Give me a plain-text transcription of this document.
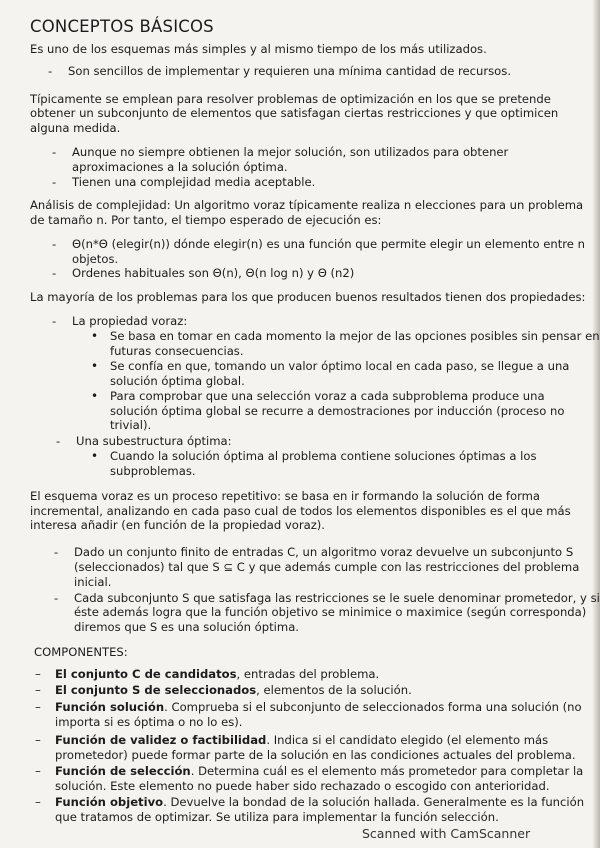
CONCEPTOS BÁSICOS
Es uno de los esquemas más simples y al mismo tiempo de los más utilizados.
- Son sencillos de implementar y requieren una mínima cantidad de recursos.
Típicamente se emplean para resolver problemas de optimización en los que se pretende
obtener un subconjunto de elementos que satisfagan ciertas restricciones y que optimicen
alguna medida.
- Aunque no siempre obtienen la mejor solución, son utilizados para obtener
aproximaciones a la solución óptima.
- Tienen una complejidad media aceptable.
Análisis de complejidad: Un algoritmo voraz típicamente realiza n elecciones para un problema
de tamaño n. Por tanto, el tiempo esperado de ejecución es:
- Θ(n*Θ (elegir(n)) dónde elegir(n) es una función que permite elegir un elemento entre n
objetos.
- Ordenes habituales son Θ(n), Θ(n log n) y Θ (n2)
La mayoría de los problemas para los que producen buenos resultados tienen dos propiedades:
- La propiedad voraz:
• Se basa en tomar en cada momento la mejor de las opciones posibles sin pensar en
futuras consecuencias.
• Se confía en que, tomando un valor óptimo local en cada paso, se llegue a una
solución óptima global.
• Para comprobar que una selección voraz a cada subproblema produce una
solución óptima global se recurre a demostraciones por inducción (proceso no
trivial).
- Una subestructura óptima:
• Cuando la solución óptima al problema contiene soluciones óptimas a los
subproblemas.
El esquema voraz es un proceso repetitivo: se basa en ir formando la solución de forma
incremental, analizando en cada paso cual de todos los elementos disponibles es el que más
interesa añadir (en función de la propiedad voraz).
- Dado un conjunto finito de entradas C, un algoritmo voraz devuelve un subconjunto S
(seleccionados) tal que S ⊆ C y que además cumple con las restricciones del problema
inicial.
- Cada subconjunto S que satisfaga las restricciones se le suele denominar prometedor, y si
éste además logra que la función objetivo se minimice o maximice (según corresponda)
diremos que S es una solución óptima.
COMPONENTES:
– El conjunto C de candidatos, entradas del problema.
– El conjunto S de seleccionados, elementos de la solución.
– Función solución. Comprueba si el subconjunto de seleccionados forma una solución (no
importa si es óptima o no lo es).
– Función de validez o factibilidad. Indica si el candidato elegido (el elemento más
prometedor) puede formar parte de la solución en las condiciones actuales del problema.
– Función de selección. Determina cuál es el elemento más prometedor para completar la
solución. Este elemento no puede haber sido rechazado o escogido con anterioridad.
– Función objetivo. Devuelve la bondad de la solución hallada. Generalmente es la función
que tratamos de optimizar. Se utiliza para implementar la función selección.
Scanned with CamScanner
